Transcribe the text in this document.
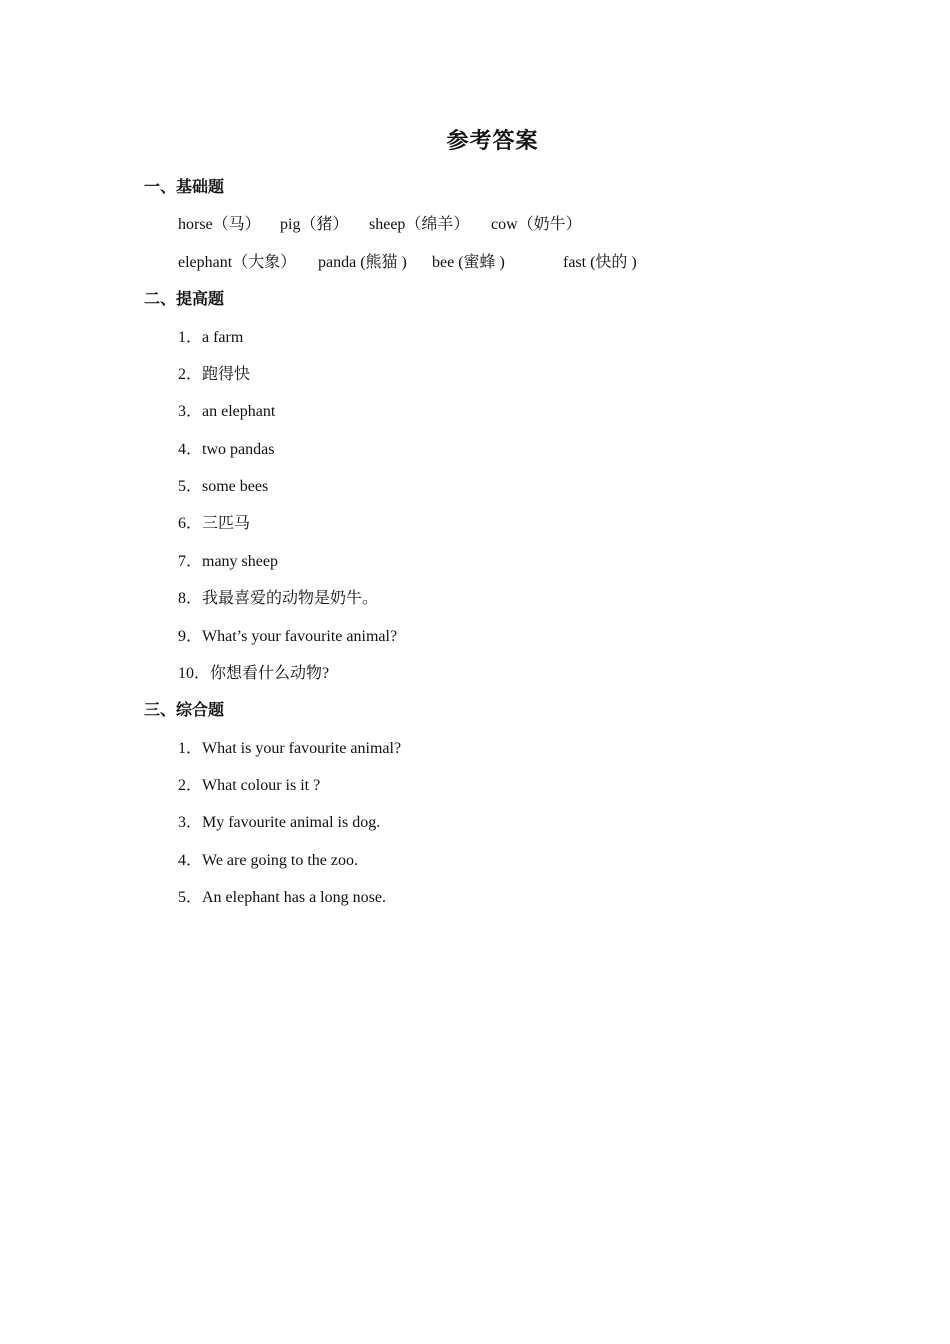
参考答案
一、基础题
horse（马） pig（猪） sheep（绵羊） cow（奶牛）
elephant（大象） panda (熊猫 ) bee (蜜蜂 )	fast (快的 )
二、提高题
1．a farm
2．跑得快
3．an elephant
4．two pandas
5．some bees
6．三匹马
7．many sheep
8．我最喜爱的动物是奶牛。
9．What’s your favourite animal?
10．你想看什么动物?
三、综合题
1．What is your favourite animal?
2．What colour is it ?
3．My favourite animal is dog.
4．We are going to the zoo.
5．An elephant has a long nose.
